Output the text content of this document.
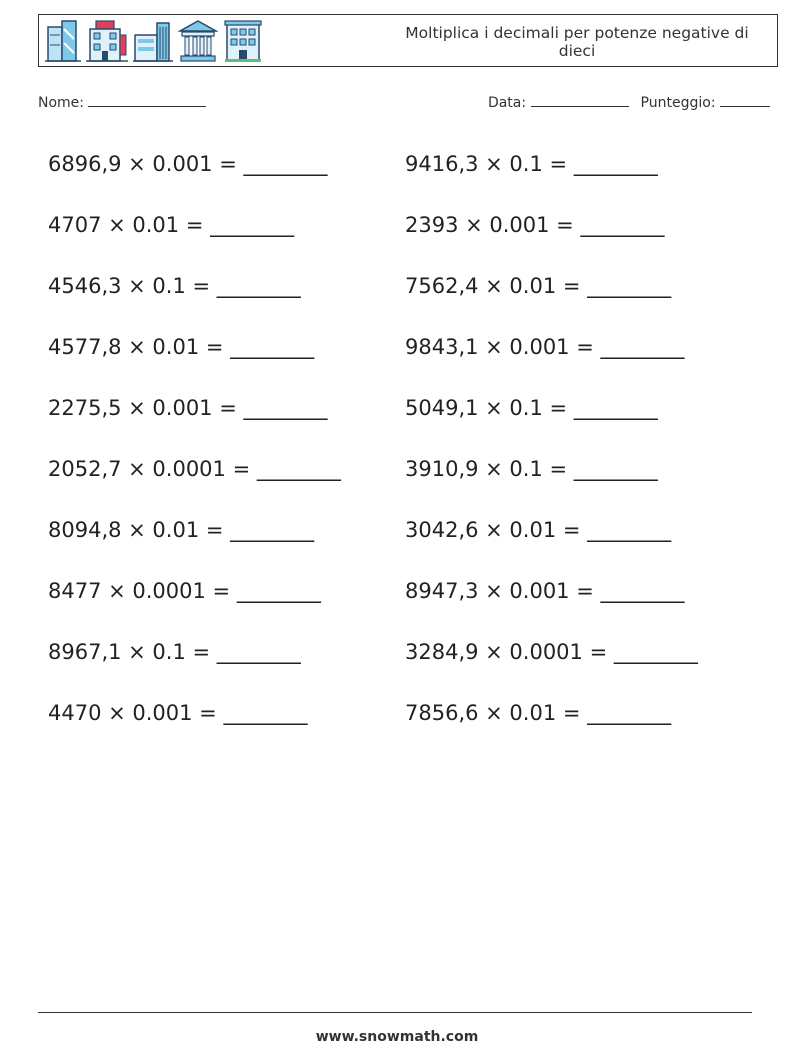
Moltiplica i decimali per potenze negative di dieci
Nome:	Data:	Punteggio:
6896,9 × 0.001 = ________	9416,3 × 0.1 = ________
4707 × 0.01 = ________	2393 × 0.001 = ________
4546,3 × 0.1 = ________	7562,4 × 0.01 = ________
4577,8 × 0.01 = ________	9843,1 × 0.001 = ________
2275,5 × 0.001 = ________	5049,1 × 0.1 = ________
2052,7 × 0.0001 = ________	3910,9 × 0.1 = ________
8094,8 × 0.01 = ________	3042,6 × 0.01 = ________
8477 × 0.0001 = ________	8947,3 × 0.001 = ________
8967,1 × 0.1 = ________	3284,9 × 0.0001 = ________
4470 × 0.001 = ________	7856,6 × 0.01 = ________
www.snowmath.com
